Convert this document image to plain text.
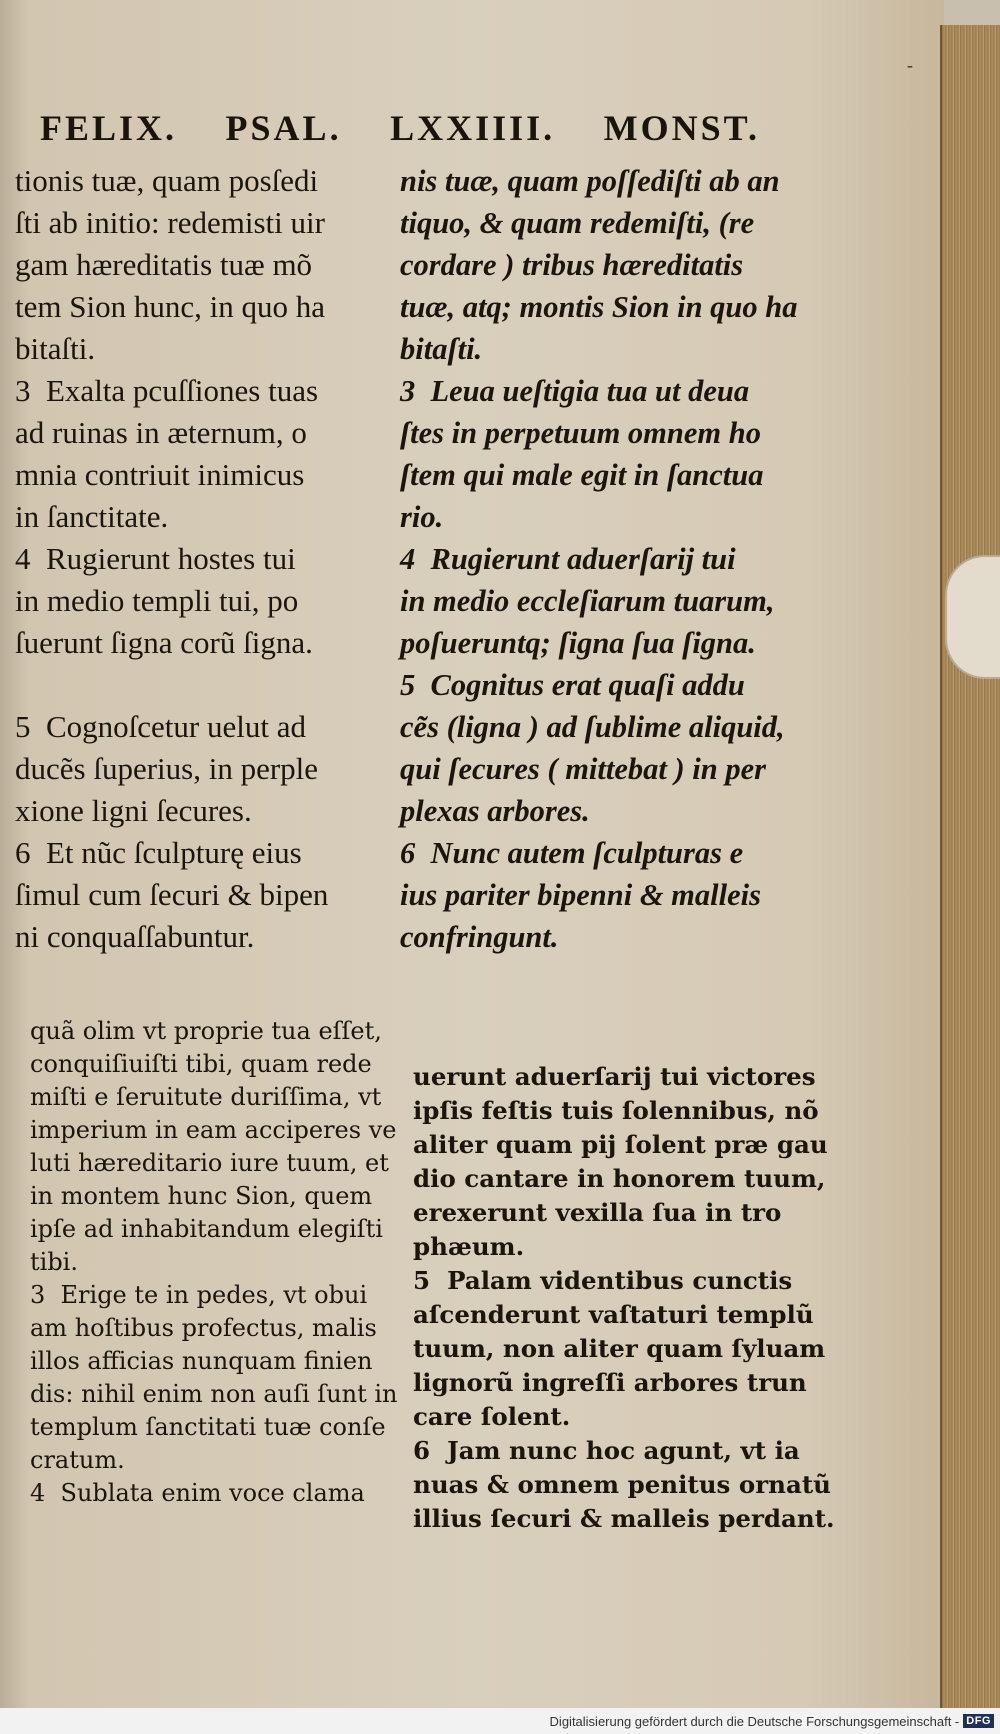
FELIX. PSAL. LXXIIII. MONST.

tionis tuæ, quam posſedi

ſti ab initio: redemisti uir

gam hæreditatis tuæ mõ

tem Sion hunc, in quo ha

bitaſti.

3  Exalta pcuſſiones tuas

ad ruinas in æternum, o

mnia contriuit inimicus

in ſanctitate.

4  Rugierunt hostes tui

in medio templi tui, po

ſuerunt ſigna corũ ſigna.

5  Cognoſcetur uelut ad

ducẽs ſuperius, in perple

xione ligni ſecures.

6  Et nũc ſculpturę eius

ſimul cum ſecuri & bipen

ni conquaſſabuntur.

nis tuæ, quam poſſediſti ab an

tiquo, & quam redemiſti, (re

cordare ) tribus hæreditatis

tuæ, atq; montis Sion in quo ha

bitaſti.

3  Leua ueſtigia tua ut deua

ſtes in perpetuum omnem ho

ſtem qui male egit in ſanctua

rio.

4  Rugierunt aduerſarij tui

in medio eccleſiarum tuarum,

poſueruntq; ſigna ſua ſigna.

5  Cognitus erat quaſi addu

cẽs (ligna ) ad ſublime aliquid,

qui ſecures ( mittebat ) in per

plexas arbores.

6  Nunc autem ſculpturas e

ius pariter bipenni & malleis

confringunt.

quã olim vt proprie tua eſſet,

conquiſiuiſti tibi, quam rede

miſti e ſeruitute duriſſima, vt

imperium in eam acciperes ve

luti hæreditario iure tuum, et

in montem hunc Sion, quem

ipſe ad inhabitandum elegiſti

tibi.

3  Erige te in pedes, vt obui

am hoſtibus profectus, malis

illos afficias nunquam finien

dis: nihil enim non auſi ſunt in

templum ſanctitati tuæ conſe

cratum.

4  Sublata enim voce clama

uerunt aduerſarij tui victores

ipſis feſtis tuis ſolennibus, nõ

aliter quam pij ſolent præ gau

dio cantare in honorem tuum,

erexerunt vexilla ſua in tro

phæum.

5  Palam videntibus cunctis

aſcenderunt vaſtaturi templũ

tuum, non aliter quam ſyluam

lignorũ ingreſſi arbores trun

care ſolent.

6  Jam nunc hoc agunt, vt ia

nuas & omnem penitus ornatũ

illius ſecuri & malleis perdant.

-
Digitalisierung gefördert durch die Deutsche Forschungsgemeinschaft - DFG
